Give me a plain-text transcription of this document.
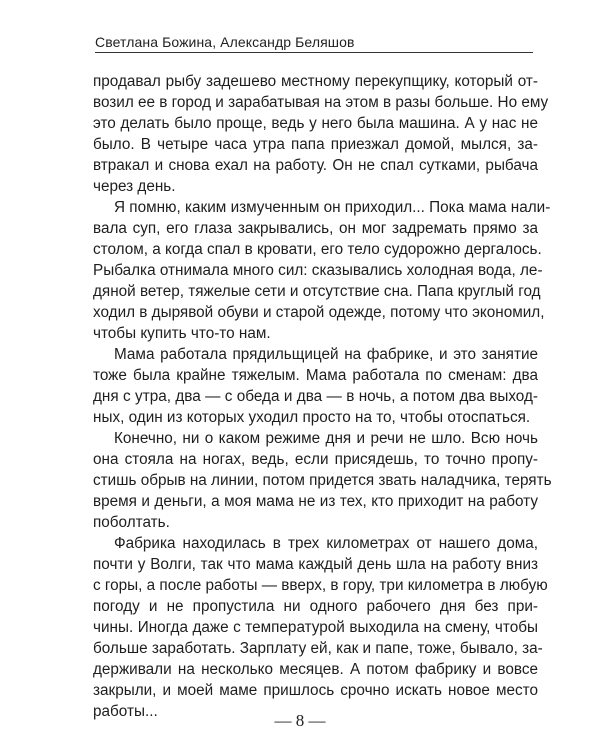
Светлана Божина, Александр Беляшов
продавал рыбу задешево местному перекупщику, который от-
возил ее в город и зарабатывая на этом в разы больше. Но ему
это делать было проще, ведь у него была машина. А у нас не
было. В четыре часа утра папа приезжал домой, мылся, за-
втракал и снова ехал на работу. Он не спал сутками, рыбача
через день.
Я помню, каким измученным он приходил... Пока мама нали-
вала суп, его глаза закрывались, он мог задремать прямо за
столом, а когда спал в кровати, его тело судорожно дергалось.
Рыбалка отнимала много сил: сказывались холодная вода, ле-
дяной ветер, тяжелые сети и отсутствие сна. Папа круглый год
ходил в дырявой обуви и старой одежде, потому что экономил,
чтобы купить что-то нам.
Мама работала прядильщицей на фабрике, и это занятие
тоже была крайне тяжелым. Мама работала по сменам: два
дня с утра, два — с обеда и два — в ночь, а потом два выход-
ных, один из которых уходил просто на то, чтобы отоспаться.
Конечно, ни о каком режиме дня и речи не шло. Всю ночь
она стояла на ногах, ведь, если присядешь, то точно пропу-
стишь обрыв на линии, потом придется звать наладчика, терять
время и деньги, а моя мама не из тех, кто приходит на работу
поболтать.
Фабрика находилась в трех километрах от нашего дома,
почти у Волги, так что мама каждый день шла на работу вниз
с горы, а после работы — вверх, в гору, три километра в любую
погоду и не пропустила ни одного рабочего дня без при-
чины. Иногда даже с температурой выходила на смену, чтобы
больше заработать. Зарплату ей, как и папе, тоже, бывало, за-
держивали на несколько месяцев. А потом фабрику и вовсе
закрыли, и моей маме пришлось срочно искать новое место
работы...	— 8 —
